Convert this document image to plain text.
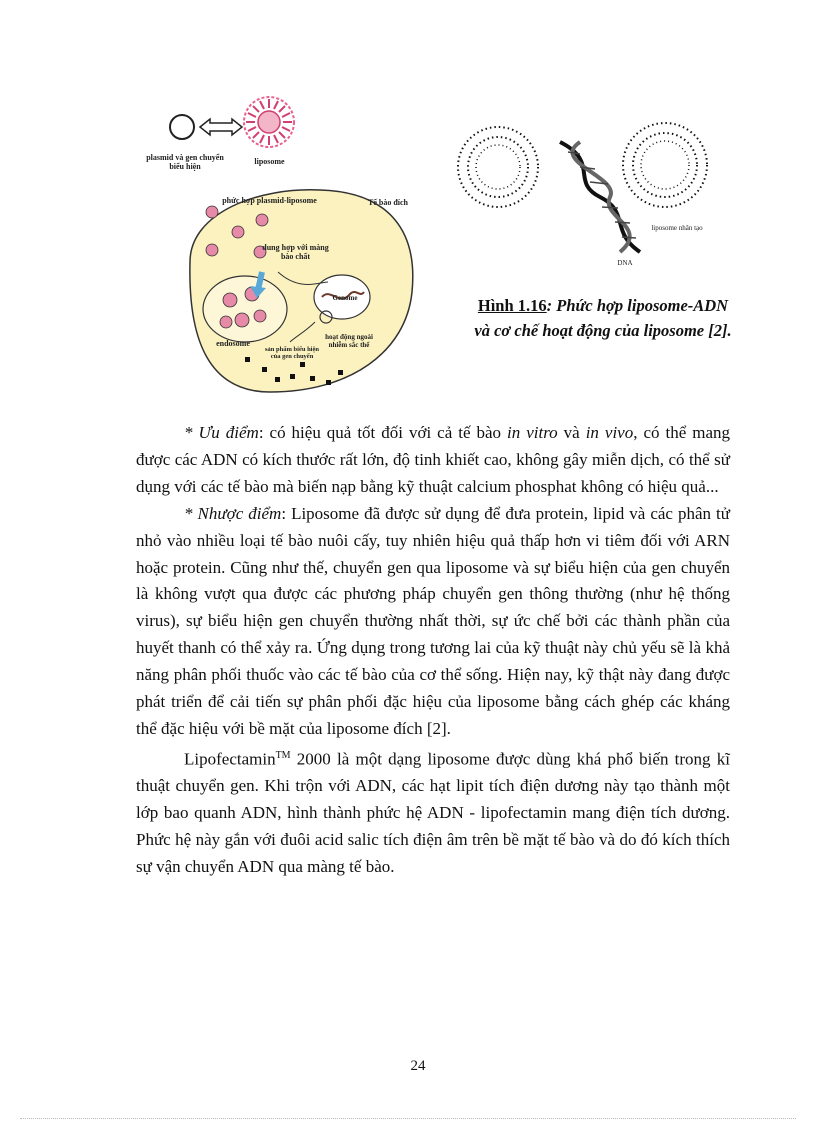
plasmid và gen chuyển biểu hiện
liposome
phức hợp plasmid-liposome	Tế bào đích
dung hợp với màng bào chất
Genome
endosome
sản phẩm biểu hiện của gen chuyển
hoạt động ngoài nhiễm sắc thể
liposome nhân tạo
DNA
Hình 1.16: Phức hợp liposome-ADN và cơ chế hoạt động của liposome [2].

* Ưu điểm: có hiệu quả tốt đối với cả tế bào in vitro và in vivo, có thể mang được các ADN có kích thước rất lớn, độ tinh khiết cao, không gây miễn dịch, có thể sử dụng với các tế bào mà biến nạp bằng kỹ thuật calcium phosphat không có hiệu quả...

* Nhược điểm: Liposome đã được sử dụng để đưa protein, lipid và các phân tử nhỏ vào nhiều loại tế bào nuôi cấy, tuy nhiên hiệu quả thấp hơn vi tiêm đối với ARN hoặc protein. Cũng như thế, chuyển gen qua liposome và sự biểu hiện của gen chuyển là không vượt qua được các phương pháp chuyển gen thông thường (như hệ thống virus), sự biểu hiện gen chuyển thường nhất thời, sự ức chế bởi các thành phần của huyết thanh có thể xảy ra. Ứng dụng trong tương lai của kỹ thuật này chủ yếu sẽ là khả năng phân phối thuốc vào các tế bào của cơ thể sống. Hiện nay, kỹ thật này đang được phát triển để cải tiến sự phân phối đặc hiệu của liposome bằng cách ghép các kháng thể đặc hiệu với bề mặt của liposome đích [2].

Lipofectamin™ 2000 là một dạng liposome được dùng khá phổ biến trong kĩ thuật chuyển gen. Khi trộn với ADN, các hạt lipit tích điện dương này tạo thành một lớp bao quanh ADN, hình thành phức hệ ADN - lipofectamin mang điện tích dương. Phức hệ này gắn với đuôi acid salic tích điện âm trên bề mặt tế bào và do đó kích thích sự vận chuyển ADN qua màng tế bào.

24
